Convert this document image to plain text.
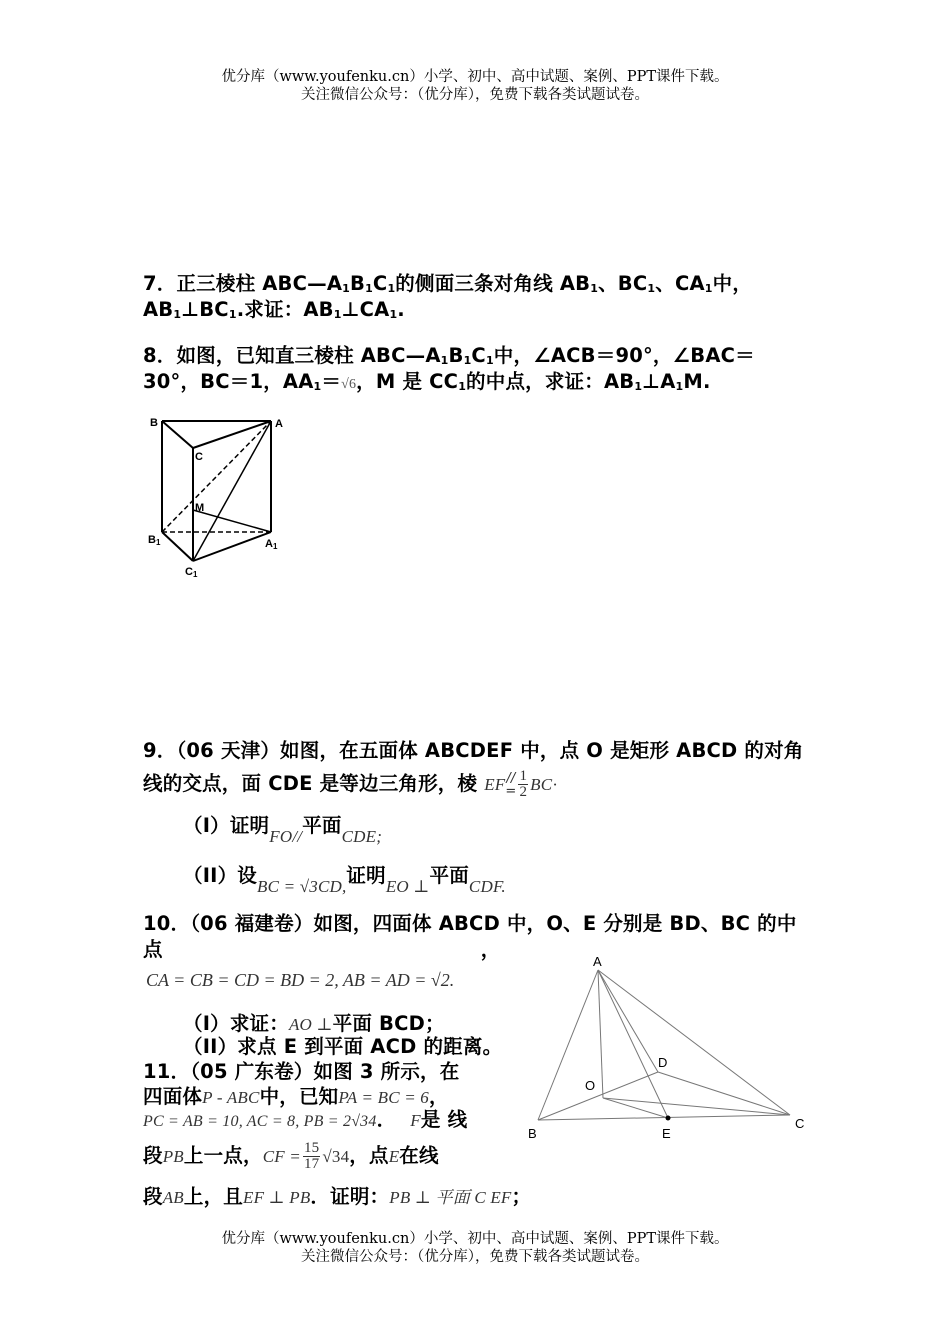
优分库（www.youfenku.cn）小学、初中、高中试题、案例、PPT课件下载。
关注微信公众号：（优分库），免费下载各类试题试卷。
7．正三棱柱 $ABC—A_1B_1C_1$的侧面三条对角线 $AB_1$、$BC_1$、$CA_1$中，
$AB_1\perp BC_1$.求证：$AB_1\perp CA_1$.
8．如图，已知直三棱柱 $ABC—A_1B_1C_1$中，∠ACB＝90°，∠BAC＝
30°，BC＝1，$AA_1=√6$，M 是 $CC_1$的中点，求证：$AB_1\perp A_1M$.
B	A
C
M
B1	A1
C1
9．（06 天津）如图，在五面体 ABCDEF 中，点 O 是矩形 ABCD 的对角
线的交点，面 CDE 是等边三角形，棱 EF //
= $\frac{1}{2} BC\cdot$
（I）证明FO//平面CDE;
（II）设BC = √3CD,证明EO ⊥平面CDF.
10．（06 福建卷）如图，四面体 ABCD 中，O、E 分别是 BD、BC 的中
点	，
CA = CB = CD = BD = 2, AB = AD = √2.
（I）求证：AO ⊥平面 BCD；
（II）求点 E 到平面 ACD 的距离。
A
B
C
D
E
O
11．（05 广东卷）如图 3 所示，在
四面体P - ABC中，已知PA = BC = 6，
PC = AB = 10, AC = 8, PB = 2√34． F是 线
段PB上一点，CF = $\frac{15}{17} √34$，点E在线
段AB上，且EF ⊥ PB．证明：PB ⊥ 平面 C EF；
优分库（www.youfenku.cn）小学、初中、高中试题、案例、PPT课件下载。
关注微信公众号：（优分库），免费下载各类试题试卷。
